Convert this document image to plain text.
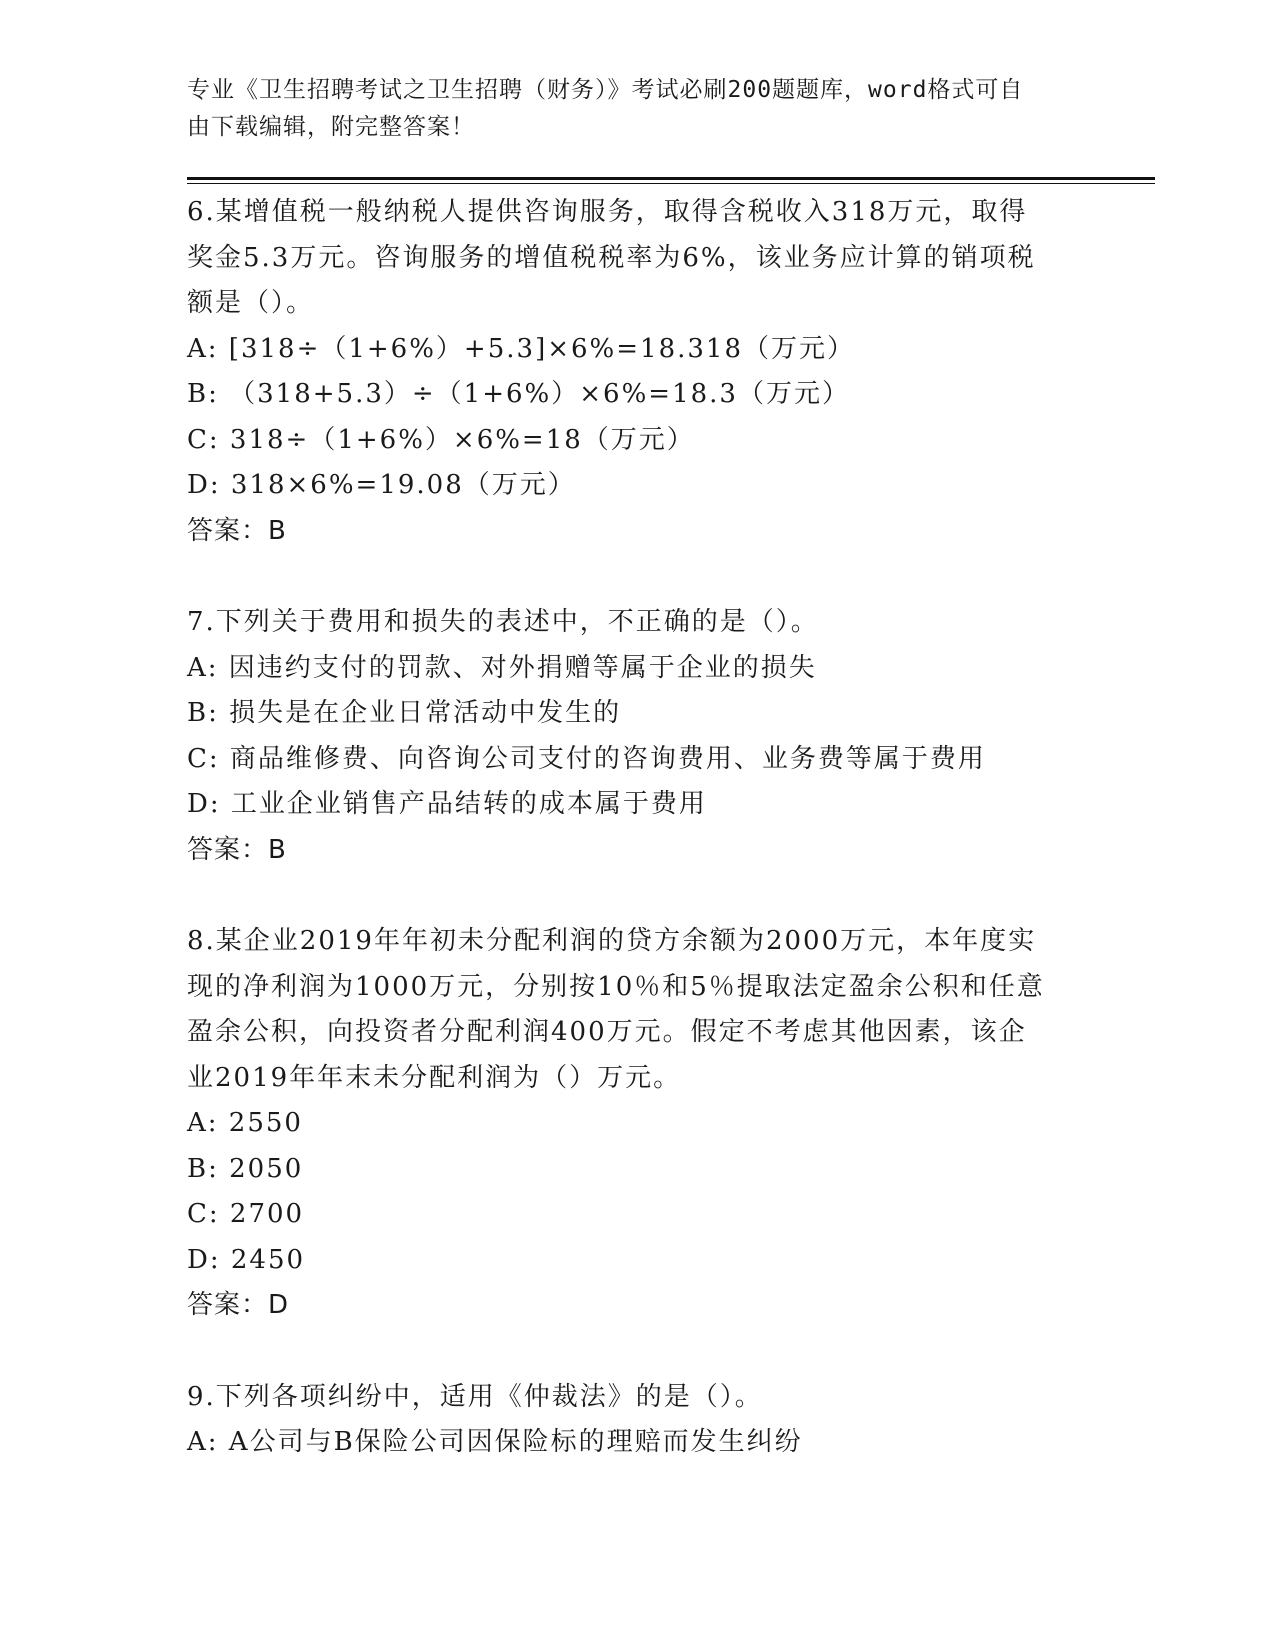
专业《卫生招聘考试之卫生招聘（财务）》考试必刷200题题库，word格式可自
由下载编辑，附完整答案！
6.某增值税一般纳税人提供咨询服务，取得含税收入318万元，取得
奖金5.3万元。咨询服务的增值税税率为6%，该业务应计算的销项税
额是（）。
A: [318÷（1+6%）+5.3]×6%=18.318（万元）
B: （318+5.3）÷（1+6%）×6%=18.3（万元）
C: 318÷（1+6%）×6%=18（万元）
D: 318×6%=19.08（万元）
答案：B
7.下列关于费用和损失的表述中，不正确的是（）。
A: 因违约支付的罚款、对外捐赠等属于企业的损失
B: 损失是在企业日常活动中发生的
C: 商品维修费、向咨询公司支付的咨询费用、业务费等属于费用
D: 工业企业销售产品结转的成本属于费用
答案：B
8.某企业2019年年初未分配利润的贷方余额为2000万元，本年度实
现的净利润为1000万元，分别按10％和5％提取法定盈余公积和任意
盈余公积，向投资者分配利润400万元。假定不考虑其他因素，该企
业2019年年末未分配利润为（）万元。
A: 2550
B: 2050
C: 2700
D: 2450
答案：D
9.下列各项纠纷中，适用《仲裁法》的是（）。
A: A公司与B保险公司因保险标的理赔而发生纠纷
